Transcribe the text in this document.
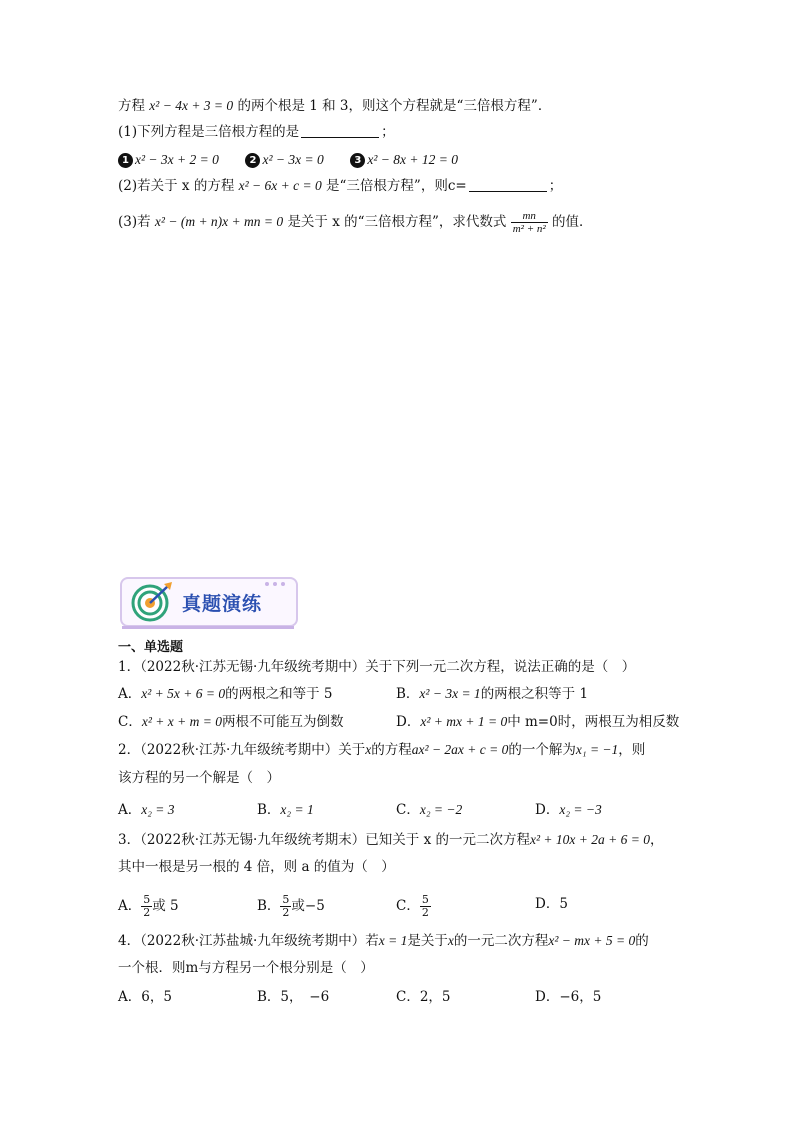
方程 x² − 4x + 3 = 0 的两个根是 1 和 3，则这个方程就是“三倍根方程”．
(1)下列方程是三倍根方程的是	；
1 x² − 3x + 2 = 0	2 x² − 3x = 0	3 x² − 8x + 12 = 0
(2)若关于 x 的方程 x² − 6x + c = 0 是“三倍根方程”，则c=	；
(3)若 x² − (m + n)x + mn = 0 是关于 x 的“三倍根方程”，求代数式 $\frac{mn}{\text{m² + n²}}$ 的值．
真题演练
一、单选题
1．（2022秋·江苏无锡·九年级统考期中）关于下列一元二次方程，说法正确的是（　）
A．x² + 5x + 6 = 0的两根之和等于 5	B．x² − 3x = 1的两根之积等于 1
C．x² + x + m = 0两根不可能互为倒数	D．x² + mx + 1 = 0中 m=0时，两根互为相反数
2．（2022秋·江苏·九年级统考期中）关于x的方程ax² − 2ax + c = 0的一个解为x₁ = −1，则
该方程的另一个解是（　）
A．x₂ = 3	B．x₂ = 1	C．x₂ = −2	D．x₂ = −3
3．（2022秋·江苏无锡·九年级统考期末）已知关于 x 的一元二次方程x² + 10x + 2a + 6 = 0，
其中一根是另一根的 4 倍，则 a 的值为（　）
A． $\frac{5}{2}$ 或 5	B． $\frac{5}{2}$ 或−5	C． $\frac{5}{2}$	D．5
4．（2022秋·江苏盐城·九年级统考期中）若x = 1是关于x的一元二次方程x² − mx + 5 = 0的
一个根．则m与方程另一个根分别是（　）
A．6，5	B．5，　−6	C．2，5	D．−6，5
